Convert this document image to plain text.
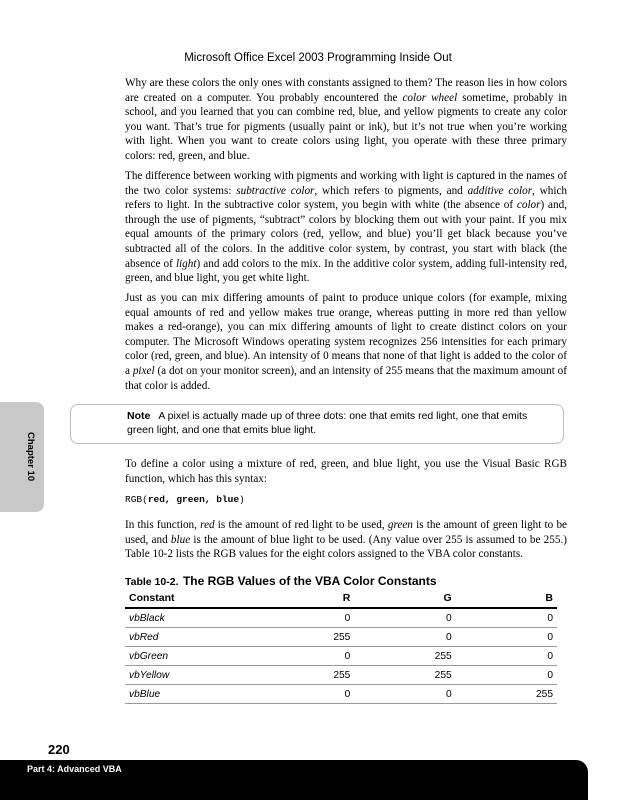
Microsoft Office Excel 2003 Programming Inside Out

Why are these colors the only ones with constants assigned to them? The reason lies in how colors are created on a computer. You probably encountered the color wheel sometime, probably in school, and you learned that you can combine red, blue, and yellow pigments to create any color you want. That’s true for pigments (usually paint or ink), but it’s not true when you’re working with light. When you want to create colors using light, you operate with these three primary colors: red, green, and blue.

The difference between working with pigments and working with light is captured in the names of the two color systems: subtractive color, which refers to pigments, and additive color, which refers to light. In the subtractive color system, you begin with white (the absence of color) and, through the use of pigments, “subtract” colors by blocking them out with your paint. If you mix equal amounts of the primary colors (red, yellow, and blue) you’ll get black because you’ve subtracted all of the colors. In the additive color system, by contrast, you start with black (the absence of light) and add colors to the mix. In the additive color system, adding full-intensity red, green, and blue light, you get white light.

Just as you can mix differing amounts of paint to produce unique colors (for example, mixing equal amounts of red and yellow makes true orange, whereas putting in more red than yellow makes a red-orange), you can mix differing amounts of light to create distinct colors on your computer. The Microsoft Windows operating system recognizes 256 intensities for each primary color (red, green, and blue). An intensity of 0 means that none of that light is added to the color of a pixel (a dot on your monitor screen), and an intensity of 255 means that the maximum amount of that color is added.

Chapter 10
Note A pixel is actually made up of three dots: one that emits red light, one that emits green light, and one that emits blue light.

To define a color using a mixture of red, green, and blue light, you use the Visual Basic RGB function, which has this syntax:

RGB(red, green, blue)

In this function, red is the amount of red light to be used, green is the amount of green light to be used, and blue is the amount of blue light to be used. (Any value over 255 is assumed to be 255.) Table 10-2 lists the RGB values for the eight colors assigned to the VBA color constants.

Table 10-2. The RGB Values of the VBA Color Constants
Constant	R	G	B
vbBlack	0	0	0
vbRed	255	0	0
vbGreen	0	255	0
vbYellow	255	255	0
vbBlue	0	0	255
220
Part 4: Advanced VBA
